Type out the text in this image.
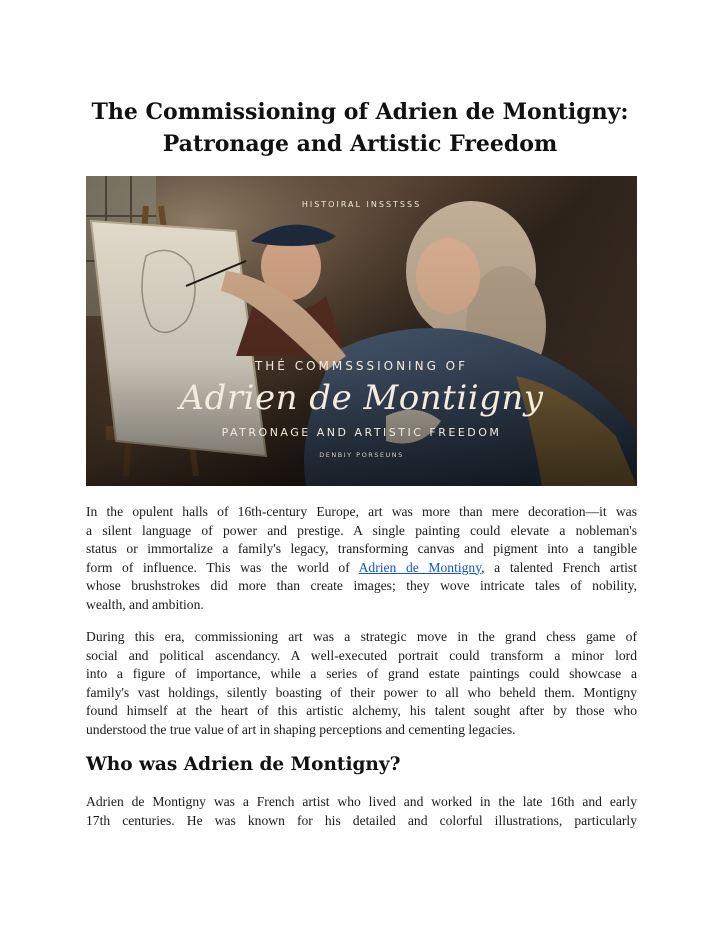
The Commissioning of Adrien de Montigny:
Patronage and Artistic Freedom
HISTOIRAL INSSTSSS
THÉ COMMSSSIONING OF
Adrien de Montiigny
PATRONAGE AND ARTISTIC FREEDOM
DENBIY PORSEUNS

In the opulent halls of 16th-century Europe, art was more than mere decoration—it was
a silent language of power and prestige. A single painting could elevate a nobleman's
status or immortalize a family's legacy, transforming canvas and pigment into a tangible
form of influence. This was the world of Adrien de Montigny, a talented French artist
whose brushstrokes did more than create images; they wove intricate tales of nobility,
wealth, and ambition.

During this era, commissioning art was a strategic move in the grand chess game of
social and political ascendancy. A well-executed portrait could transform a minor lord
into a figure of importance, while a series of grand estate paintings could showcase a
family's vast holdings, silently boasting of their power to all who beheld them. Montigny
found himself at the heart of this artistic alchemy, his talent sought after by those who
understood the true value of art in shaping perceptions and cementing legacies.

Who was Adrien de Montigny?

Adrien de Montigny was a French artist who lived and worked in the late 16th and early
17th centuries. He was known for his detailed and colorful illustrations, particularly
